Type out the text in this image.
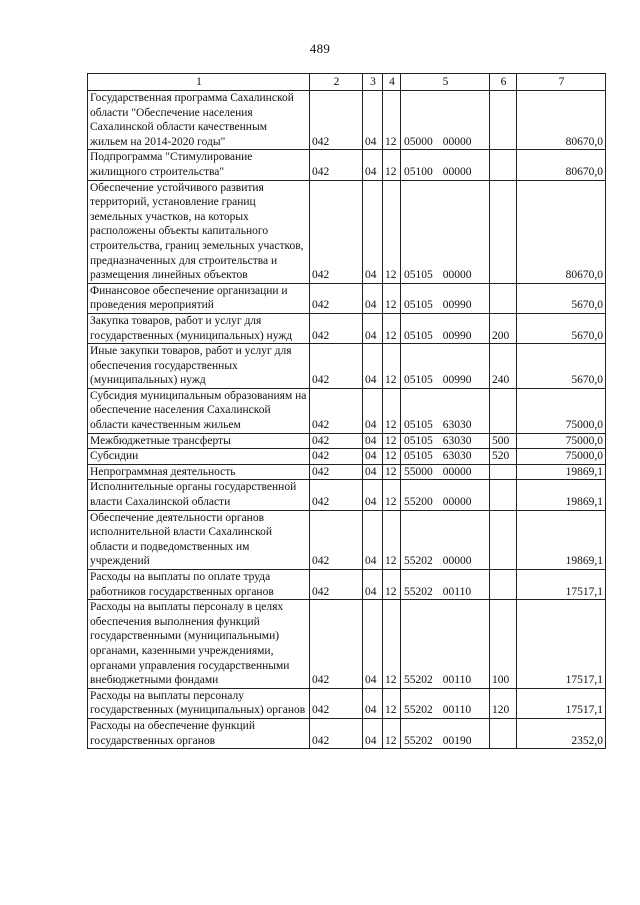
489
1	2	3	4	5	6	7
Государственная программа Сахалинской области "Обеспечение населения Сахалинской области качественным жильем на 2014-2020 годы"	042	04	12	05000 00000		80670,0
Подпрограмма "Стимулирование жилищного строительства"	042	04	12	05100 00000		80670,0
Обеспечение устойчивого развития территорий, установление границ земельных участков, на которых расположены объекты капитального строительства, границ земельных участков, предназначенных для строительства и размещения линейных объектов	042	04	12	05105 00000		80670,0
Финансовое обеспечение организации и проведения мероприятий	042	04	12	05105 00990		5670,0
Закупка товаров, работ и услуг для государственных (муниципальных) нужд	042	04	12	05105 00990	200	5670,0
Иные закупки товаров, работ и услуг для обеспечения государственных (муниципальных) нужд	042	04	12	05105 00990	240	5670,0
Субсидия муниципальным образованиям на обеспечение населения Сахалинской области качественным жильем	042	04	12	05105 63030		75000,0
Межбюджетные трансферты	042	04	12	05105 63030	500	75000,0
Субсидии	042	04	12	05105 63030	520	75000,0
Непрограммная деятельность	042	04	12	55000 00000		19869,1
Исполнительные органы государственной власти Сахалинской области	042	04	12	55200 00000		19869,1
Обеспечение деятельности органов исполнительной власти Сахалинской области и подведомственных им учреждений	042	04	12	55202 00000		19869,1
Расходы на выплаты по оплате труда работников государственных органов	042	04	12	55202 00110		17517,1
Расходы на выплаты персоналу в целях обеспечения выполнения функций государственными (муниципальными) органами, казенными учреждениями, органами управления государственными внебюджетными фондами	042	04	12	55202 00110	100	17517,1
Расходы на выплаты персоналу государственных (муниципальных) органов	042	04	12	55202 00110	120	17517,1
Расходы на обеспечение функций государственных органов	042	04	12	55202 00190		2352,0
